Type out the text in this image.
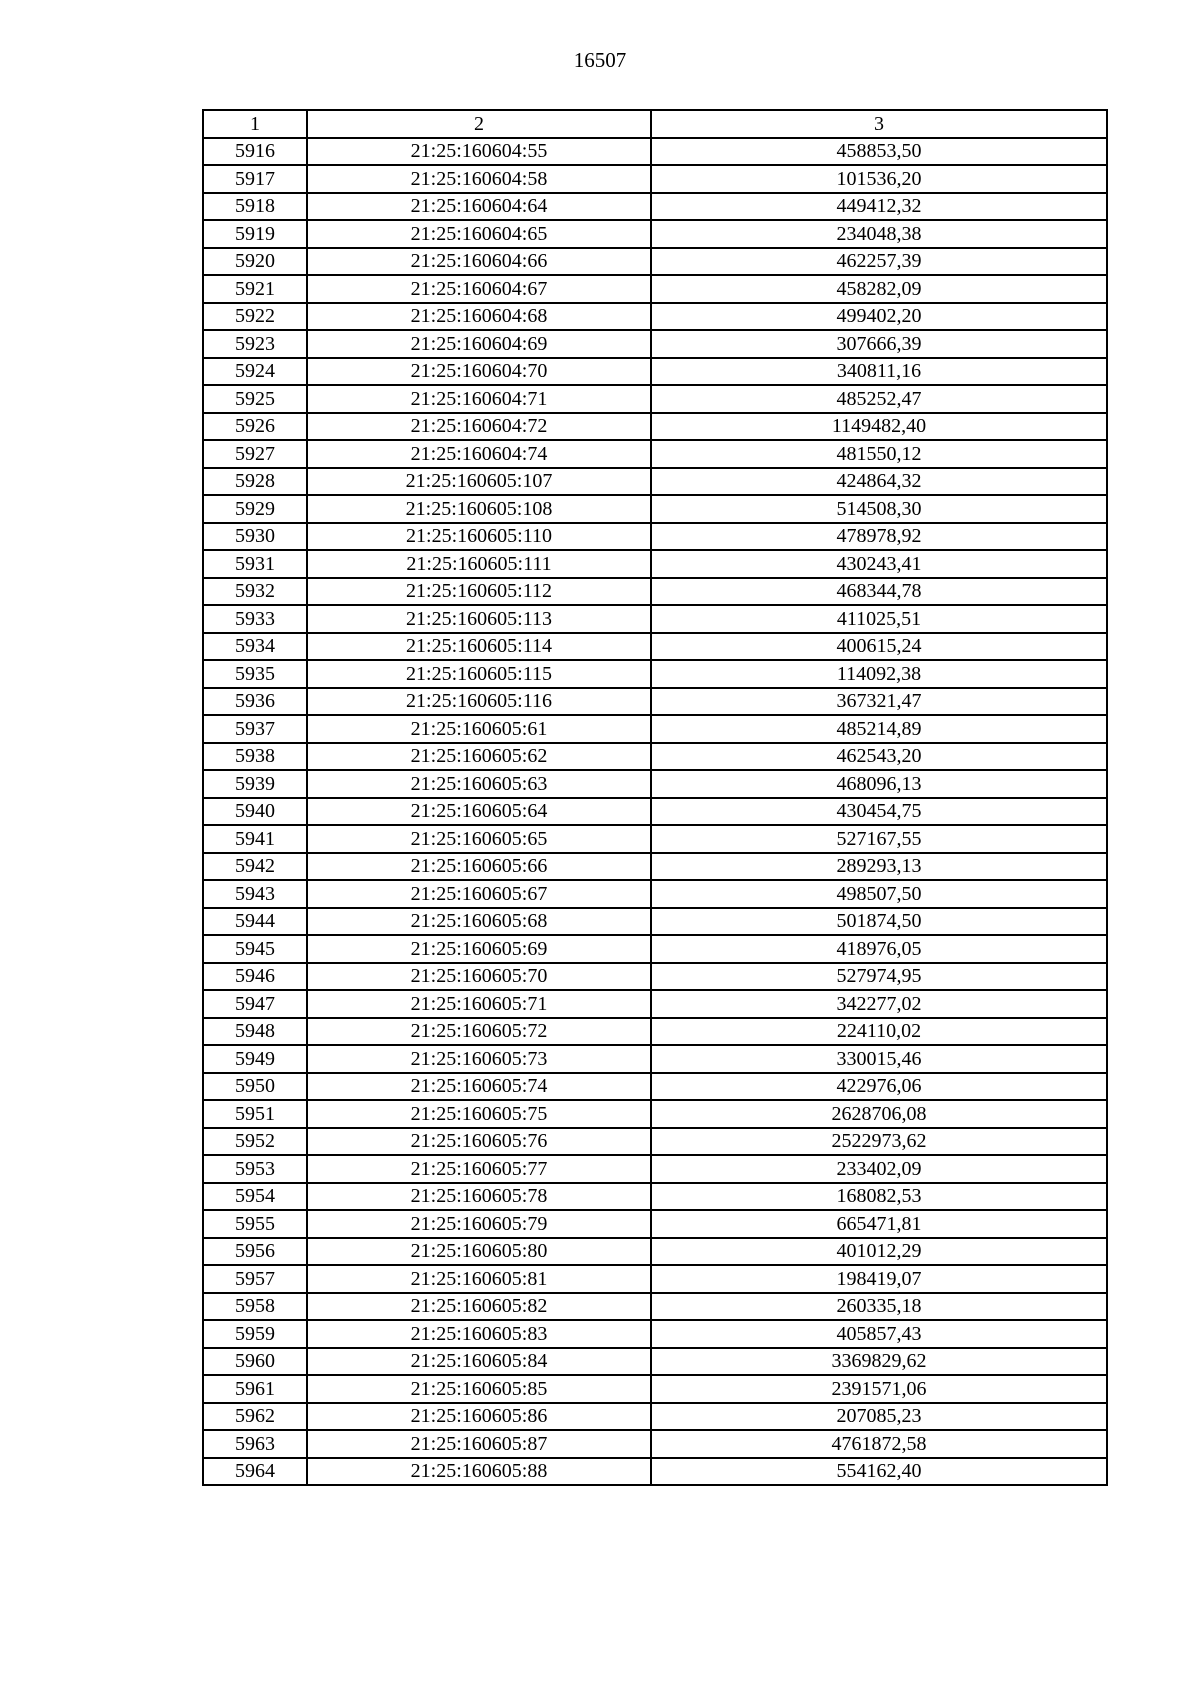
16507
1	2	3
5916	21:25:160604:55	458853,50
5917	21:25:160604:58	101536,20
5918	21:25:160604:64	449412,32
5919	21:25:160604:65	234048,38
5920	21:25:160604:66	462257,39
5921	21:25:160604:67	458282,09
5922	21:25:160604:68	499402,20
5923	21:25:160604:69	307666,39
5924	21:25:160604:70	340811,16
5925	21:25:160604:71	485252,47
5926	21:25:160604:72	1149482,40
5927	21:25:160604:74	481550,12
5928	21:25:160605:107	424864,32
5929	21:25:160605:108	514508,30
5930	21:25:160605:110	478978,92
5931	21:25:160605:111	430243,41
5932	21:25:160605:112	468344,78
5933	21:25:160605:113	411025,51
5934	21:25:160605:114	400615,24
5935	21:25:160605:115	114092,38
5936	21:25:160605:116	367321,47
5937	21:25:160605:61	485214,89
5938	21:25:160605:62	462543,20
5939	21:25:160605:63	468096,13
5940	21:25:160605:64	430454,75
5941	21:25:160605:65	527167,55
5942	21:25:160605:66	289293,13
5943	21:25:160605:67	498507,50
5944	21:25:160605:68	501874,50
5945	21:25:160605:69	418976,05
5946	21:25:160605:70	527974,95
5947	21:25:160605:71	342277,02
5948	21:25:160605:72	224110,02
5949	21:25:160605:73	330015,46
5950	21:25:160605:74	422976,06
5951	21:25:160605:75	2628706,08
5952	21:25:160605:76	2522973,62
5953	21:25:160605:77	233402,09
5954	21:25:160605:78	168082,53
5955	21:25:160605:79	665471,81
5956	21:25:160605:80	401012,29
5957	21:25:160605:81	198419,07
5958	21:25:160605:82	260335,18
5959	21:25:160605:83	405857,43
5960	21:25:160605:84	3369829,62
5961	21:25:160605:85	2391571,06
5962	21:25:160605:86	207085,23
5963	21:25:160605:87	4761872,58
5964	21:25:160605:88	554162,40
